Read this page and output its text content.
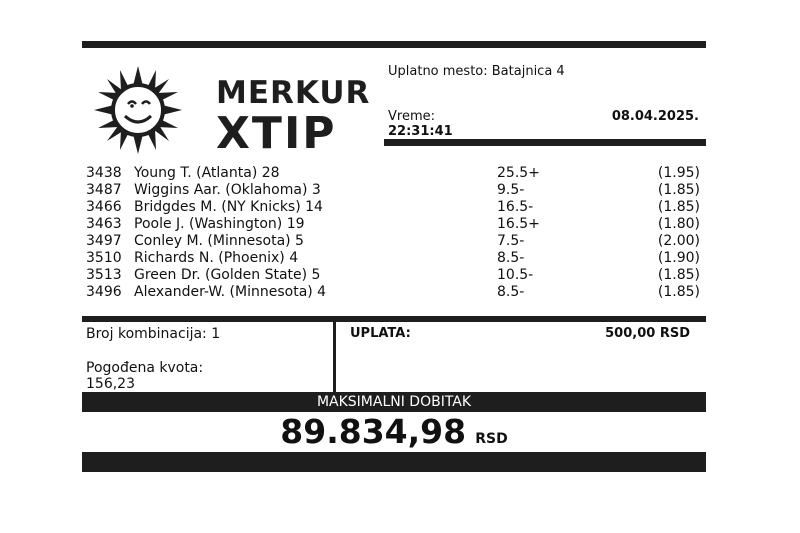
MERKUR
XTIP
Uplatno mesto: Batajnica 4
Vreme:
22:31:41
08.04.2025.
3438 Young T. (Atlanta) 28	25.5+	(1.95)
3487 Wiggins Aar. (Oklahoma) 3	9.5-	(1.85)
3466 Bridgdes M. (NY Knicks) 14	16.5-	(1.85)
3463 Poole J. (Washington) 19	16.5+	(1.80)
3497 Conley M. (Minnesota) 5	7.5-	(2.00)
3510 Richards N. (Phoenix) 4	8.5-	(1.90)
3513 Green Dr. (Golden State) 5	10.5-	(1.85)
3496 Alexander-W. (Minnesota) 4	8.5-	(1.85)
Broj kombinacija: 1
Pogođena kvota:
156,23
UPLATA:	500,00 RSD
MAKSIMALNI DOBITAK
89.834,98 RSD
